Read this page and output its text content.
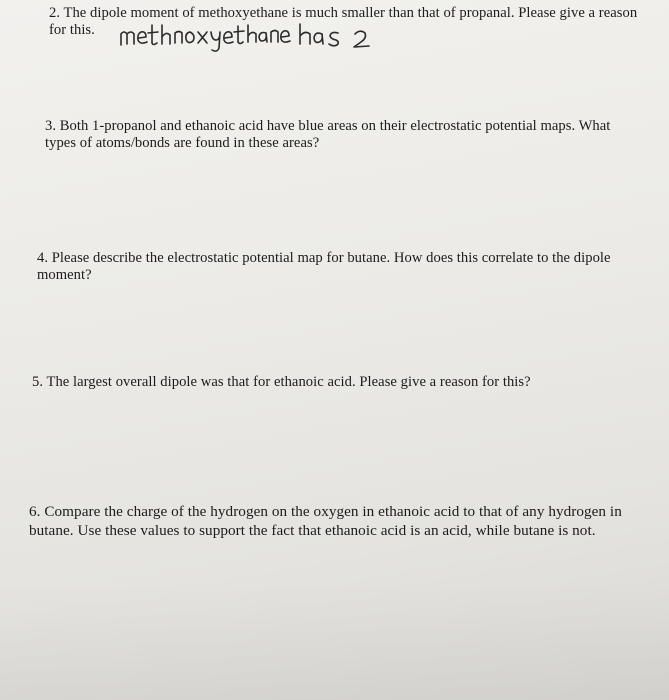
2. The dipole moment of methoxyethane is much smaller than that of propanal. Please give a reason
for this.
3. Both 1-propanol and ethanoic acid have blue areas on their electrostatic potential maps. What
types of atoms/bonds are found in these areas?
4. Please describe the electrostatic potential map for butane. How does this correlate to the dipole
moment?
5. The largest overall dipole was that for ethanoic acid. Please give a reason for this?
6. Compare the charge of the hydrogen on the oxygen in ethanoic acid to that of any hydrogen in
butane. Use these values to support the fact that ethanoic acid is an acid, while butane is not.
